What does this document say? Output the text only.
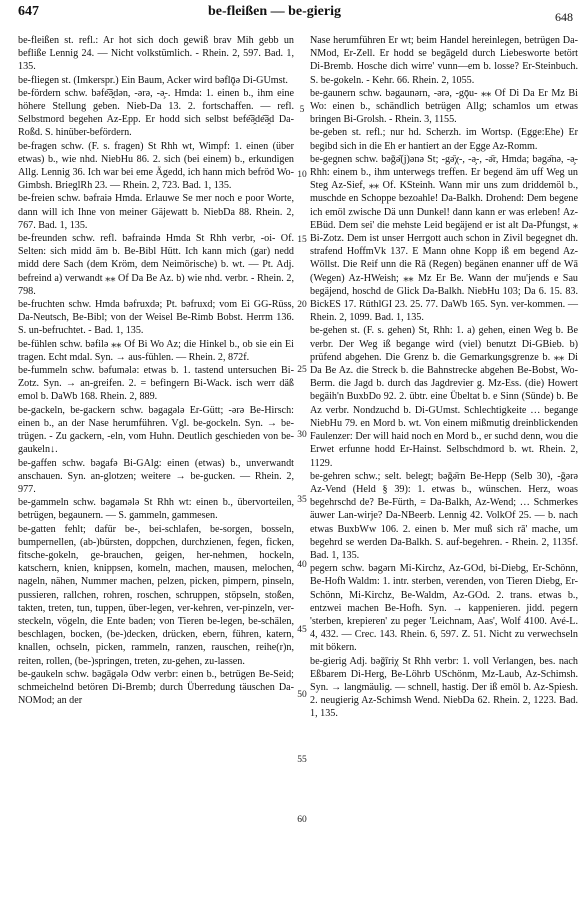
647	be-fleißen — be-gierig	648

be-fleißen st. refl.: Ar hot sich doch gewiß brav Mih gebb un befliße Lennig 24. — Nicht volkstümlich. - Rhein. 2, 597. Bad. 1, 135.

be-fliegen st. (Imkerspr.) Ein Baum, Acker wird bəflǭǝ Di-GUmst.

be-fördern schw. bǝfe͡ə̯dǝn, -ǝrǝ, -ǝ̧-. Hmda: 1. einen b., ihm eine höhere Stellung geben. Nieb-Da 13. 2. fortschaffen. — refl. Selbstmord begehen Az-Epp. Er hodd sich selbst befe͡ə̯de͡ə̯d Da-Roßd. S. hinüber-befördern.

be-fragen schw. (F. s. fragen) St Rhh wt, Wimpf: 1. einen (über etwas) b., wie nhd. NiebHu 86. 2. sich (bei einem) b., erkundigen Allg. Lennig 36. Ich war bei eme Ägedd, ich hann mich befröd Wo-Gimbsh. BrieglRh 23. — Rhein. 2, 723. Bad. 1, 135.

be-freien schw. bǝfraiǝ Hmda. Erlauwe Se mer noch e poor Worte, dann will ich Ihne von meiner Gäjewatt b. NiebDa 88. Rhein. 2, 767. Bad. 1, 135.

be-freunden schw. refl. bǝfraindǝ Hmda St Rhh verbr, -oi- Of. Selten: sich midd äm b. Be-Bibl Hütt. Ich kann mich (gar) nedd midd dere Sach (dem Kröm, dem Neimörische) b. wt. — Pt. Adj. befreind a) verwandt ⁎⁎ Of Da Be Az. b) wie nhd. verbr. - Rhein. 2, 798.

be-fruchten schw. Hmda bǝfruxdǝ; Pt. bǝfruxd; vom Ei GG-Rüss, Da-Neutsch, Be-Bibl; von der Weisel Be-Rimb Bobst. Herrm 136. S. un-befruchtet. - Bad. 1, 135.

be-fühlen schw. bǝfilǝ ⁎⁎ Of Bi Wo Az; die Hinkel b., ob sie ein Ei tragen. Echt mdal. Syn. → aus-fühlen. — Rhein. 2, 872f.

be-fummeln schw. bǝfumǝlǝ: etwas b. 1. tastend untersuchen Bi-Zotz. Syn. → an-greifen. 2. = befingern Bi-Wack. isch werr däß emol b. DaWb 168. Rhein. 2, 889.

be-gackeln, be-gackern schw. bǝgagǝlǝ Er-Gütt; -ǝrǝ Be-Hirsch: einen b., an der Nase herumführen. Vgl. be-gockeln. Syn. → be-trügen. - Zu gackern, -eln, vom Huhn. Deutlich geschieden von be-gaukeln↓.

be-gaffen schw. bǝgafǝ Bi-GAlg: einen (etwas) b., unverwandt anschauen. Syn. an-glotzen; weitere → be-gucken. — Rhein. 2, 977.

be-gammeln schw. bǝgamǝlǝ St Rhh wt: einen b., übervorteilen, betrügen, begaunern. — S. gammeln, gammesen.

be-gatten fehlt; dafür be-, bei-schlafen, be-sorgen, bosseln, bumpernellen, (ab-)bürsten, doppchen, durchzienen, fegen, ficken, fitsche-gokeln, ge-brauchen, geigen, her-nehmen, hockeln, katschern, knien, knippsen, komeln, machen, mausen, melochen, nageln, nähen, Nummer machen, pelzen, picken, pimpern, pinseln, pussieren, rallchen, rohren, roschen, schruppen, stöpseln, stoßen, takten, treten, tun, tuppen, über-legen, ver-kehren, ver-pinzeln, ver-steckeln, vögeln, die Ente baden; von Tieren be-legen, be-schälen, beschlagen, bocken, (be-)decken, drücken, ebern, führen, katern, knallen, ochseln, picken, rammeln, ranzen, rauschen, reihe(r)n, reiten, rollen, (be-)springen, treten, zu-gehen, zu-lassen.

be-gaukeln schw. bǝgāgǝlǝ Odw verbr: einen b., betrügen Be-Seid; schmeichelnd betören Di-Bremb; durch Überredung täuschen Da-NOMod; an der

Nase herumführen Er wt; beim Handel hereinlegen, betrügen Da-NMod, Er-Zell. Er hodd se begāgeld durch Liebesworte betört Di-Bremb. Hosche dich wirre' vunn—em b. losse? Er-Steinbuch. S. be-gokeln. - Kehr. 66. Rhein. 2, 1055.

be-gaunern schw. bǝgaunǝrn, -ǝrǝ, -gǭu- ⁎⁎ Of Di Da Er Mz Bi Wo: einen b., schändlich betrügen Allg; schamlos um etwas bringen Bi-Grolsh. - Rhein. 3, 1155.

be-geben st. refl.; nur hd. Scherzh. im Wortsp. (Egge:Ehe) Er begibd sich in die Eh er hantiert an der Egge Az-Romm.

be-gegnen schw. bǝǧǝ̄(j)ǝnǝ St; -gǝ̄χ-, -ǝ̧-, -ǝ̄r, Hmda; bǝgǝ̄nǝ, -ǝ̧- Rhh: einem b., ihm unterwegs treffen. Er begend äm uff Weg un Steg Az-Sief, ⁎⁎ Of. KSteinh. Wann mir uns zum driddemöl b., muschde en Schoppe bezoahle! Da-Balkh. Drohend: Dem begene ich emöl zwische Dä unn Dunkel! dann kann er was erleben! Az-EBüd. Dem sei' die mehste Leid begäjend er ist alt Da-Pfungst, ⁎ Bi-Zotz. Dem ist unser Herrgott auch schon in Zivil begegnet dh. strafend HoffmVk 137. E Mann ohne Kopp iß em begend Az-Wöllst. Die Reif unn die Rā (Regen) begänen enanner uff de Wā (Wegen) Az-HWeish; ⁎⁎ Mz Er Be. Wann der mu'jends e Sau begäjend, hoschd de Glick Da-Balkh. NiebHu 103; Da 6. 15. 83. BickES 17. RüthlGI 23. 25. 77. DaWb 165. Syn. ver-kommen. — Rhein. 2, 1099. Bad. 1, 135.

be-gehen st. (F. s. gehen) St, Rhh: 1. a) gehen, einen Weg b. Be verbr. Der Weg iß begange wird (viel) benutzt Di-GBieb. b) prüfend abgehen. Die Grenz b. die Gemarkungsgrenze b. ⁎⁎ Di Da Be Az. die Streck b. die Bahnstrecke abgehen Be-Bobst, Wo-Berm. die Jagd b. durch das Jagdrevier g. Mz-Ess. (die) Howert begäih'n BuxbDo 92. 2. übtr. eine Übeltat b. e Sinn (Sünde) b. Be Az verbr. Nondzuchd b. Di-GUmst. Schlechtigkeite … begange NiebHu 79. en Mord b. wt. Von einem mißmutig dreinblickenden Faulenzer: Der will haid noch en Mord b., er suchd denn, wou die Erwet erfunne hodd Er-Hainst. Selbschdmord b. wt. Rhein. 2, 1129.

be-gehren schw.; selt. belegt; bǝǧǝ̄rn Be-Hepp (Selb 30), -ǧǝrǝ Az-Vend (Held § 39): 1. etwas b., wünschen. Herz, woas begehrschd de? Be-Fürth, = Da-Balkh, Az-Wend; … Schmerkes äuwer Lan-wirje? Da-NBeerb. Lennig 42. VolkOf 25. — b. nach etwas BuxbWw 106. 2. einen b. Mer muß sich rā' mache, um begehrd se werden Da-Balkh. S. auf-begehren. - Rhein. 2, 1135f. Bad. 1, 135.

pegern schw. bǝgǝrn Mi-Kirchz, Az-GOd, bi-Diebg, Er-Schönn, Be-Hofh Waldm: 1. intr. sterben, verenden, von Tieren Diebg, Er-Schönn, Mi-Kirchz, Be-Waldm, Az-GOd. 2. trans. etwas b., entzwei machen Be-Hofh. Syn. → kappenieren. jidd. pegern 'sterben, krepieren' zu peger 'Leichnam, Aas', Wolf 4100. Avé-L. 4, 432. — Crec. 143. Rhein. 6, 597. Z. 51. Nicht zu verwechseln mit bökern.

be-gierig Adj. bǝǧīriχ St Rhh verbr: 1. voll Verlangen, bes. nach Eßbarem Di-Herg, Be-Löhrb USchönm, Mz-Laub, Az-Schimsh. Syn. → langmäulig. — schnell, hastig. Der iß emöl b. Az-Spiesh. 2. neugierig Az-Schimsh Wend. NiebDa 62. Rhein. 2, 1223. Bad. 1, 135.

5
10
15
20
25
30
35
40
45
50
55
60
